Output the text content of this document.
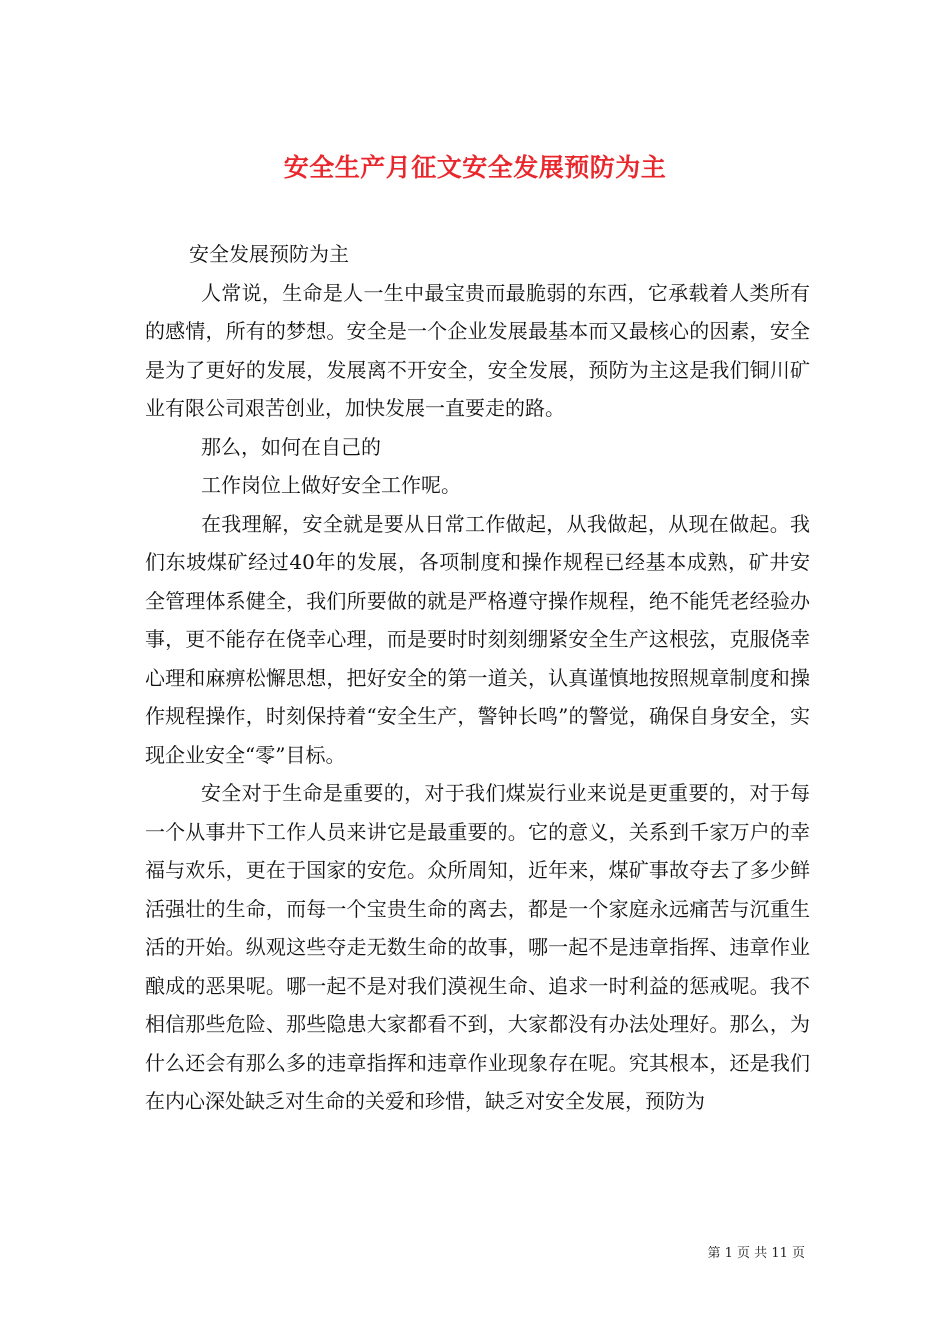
安全生产月征文安全发展预防为主

安全发展预防为主

人常说，生命是人一生中最宝贵而最脆弱的东西，它承载着人类所有的感情，所有的梦想。安全是一个企业发展最基本而又最核心的因素，安全是为了更好的发展，发展离不开安全，安全发展，预防为主这是我们铜川矿业有限公司艰苦创业，加快发展一直要走的路。

那么，如何在自己的

工作岗位上做好安全工作呢。

在我理解，安全就是要从日常工作做起，从我做起，从现在做起。我们东坡煤矿经过40年的发展，各项制度和操作规程已经基本成熟，矿井安全管理体系健全，我们所要做的就是严格遵守操作规程，绝不能凭老经验办事，更不能存在侥幸心理，而是要时时刻刻绷紧安全生产这根弦，克服侥幸心理和麻痹松懈思想，把好安全的第一道关，认真谨慎地按照规章制度和操作规程操作，时刻保持着“安全生产，警钟长鸣”的警觉，确保自身安全，实现企业安全“零”目标。

安全对于生命是重要的，对于我们煤炭行业来说是更重要的，对于每一个从事井下工作人员来讲它是最重要的。它的意义，关系到千家万户的幸福与欢乐，更在于国家的安危。众所周知，近年来，煤矿事故夺去了多少鲜活强壮的生命，而每一个宝贵生命的离去，都是一个家庭永远痛苦与沉重生活的开始。纵观这些夺走无数生命的故事，哪一起不是违章指挥、违章作业酿成的恶果呢。哪一起不是对我们漠视生命、追求一时利益的惩戒呢。我不相信那些危险、那些隐患大家都看不到，大家都没有办法处理好。那么，为什么还会有那么多的违章指挥和违章作业现象存在呢。究其根本，还是我们在内心深处缺乏对生命的关爱和珍惜，缺乏对安全发展，预防为

第 1 页 共 11 页
